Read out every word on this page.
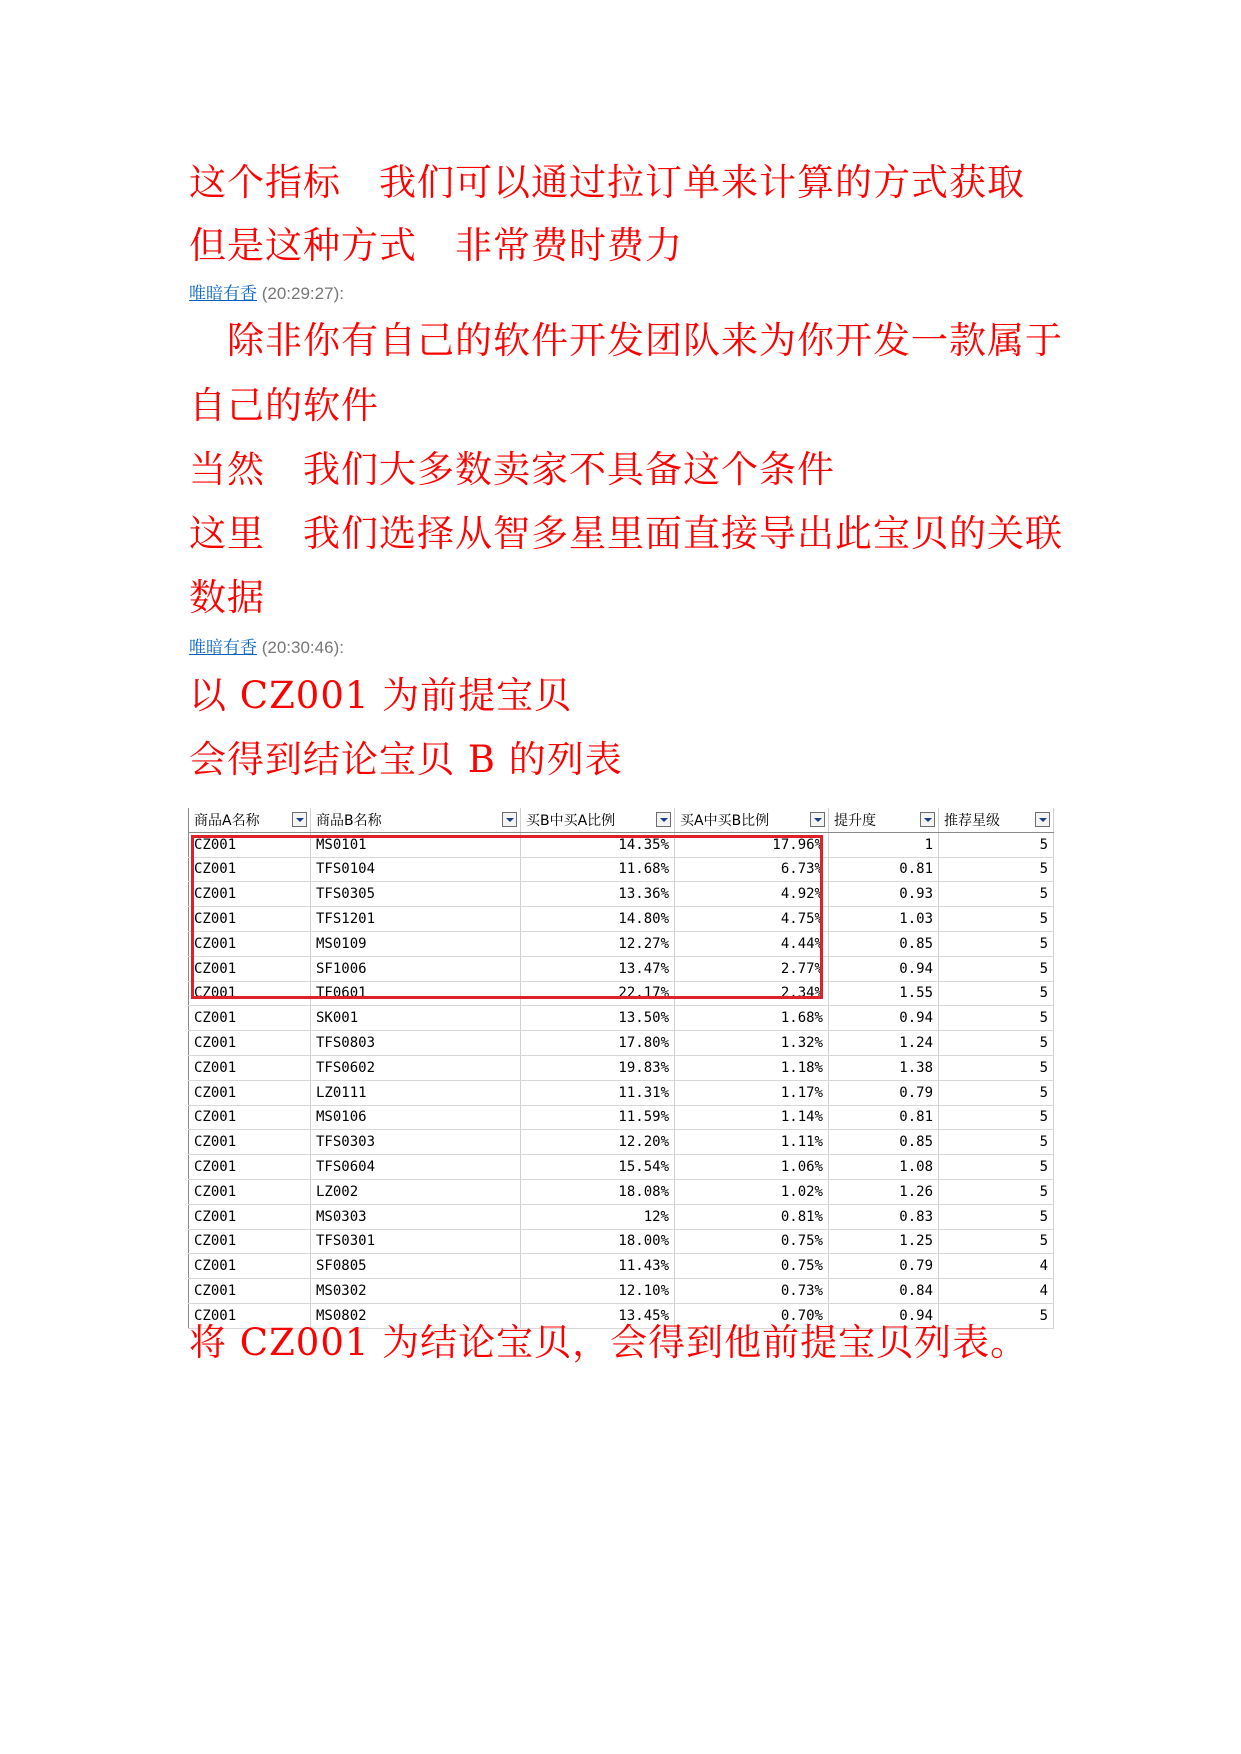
这个指标　我们可以通过拉订单来计算的方式获取
但是这种方式　非常费时费力
唯暗有香 (20:29:27):
　除非你有自己的软件开发团队来为你开发一款属于
自己的软件
当然　我们大多数卖家不具备这个条件
这里　我们选择从智多星里面直接导出此宝贝的关联
数据
唯暗有香 (20:30:46):
以 CZ001 为前提宝贝
会得到结论宝贝 B 的列表
商品A名称	商品B名称	买B中买A比例	买A中买B比例	提升度	推荐星级

CZ001	MS0101	14.35%	17.96%	1	5
CZ001	TFS0104	11.68%	6.73%	0.81	5
CZ001	TFS0305	13.36%	4.92%	0.93	5
CZ001	TFS1201	14.80%	4.75%	1.03	5
CZ001	MS0109	12.27%	4.44%	0.85	5
CZ001	SF1006	13.47%	2.77%	0.94	5
CZ001	TF0601	22.17%	2.34%	1.55	5
CZ001	SK001	13.50%	1.68%	0.94	5
CZ001	TFS0803	17.80%	1.32%	1.24	5
CZ001	TFS0602	19.83%	1.18%	1.38	5
CZ001	LZ0111	11.31%	1.17%	0.79	5
CZ001	MS0106	11.59%	1.14%	0.81	5
CZ001	TFS0303	12.20%	1.11%	0.85	5
CZ001	TFS0604	15.54%	1.06%	1.08	5
CZ001	LZ002	18.08%	1.02%	1.26	5
CZ001	MS0303	12%	0.81%	0.83	5
CZ001	TFS0301	18.00%	0.75%	1.25	5
CZ001	SF0805	11.43%	0.75%	0.79	4
CZ001	MS0302	12.10%	0.73%	0.84	4
CZ001	MS0802	13.45%	0.70%	0.94	5
将 CZ001 为结论宝贝，会得到他前提宝贝列表。
